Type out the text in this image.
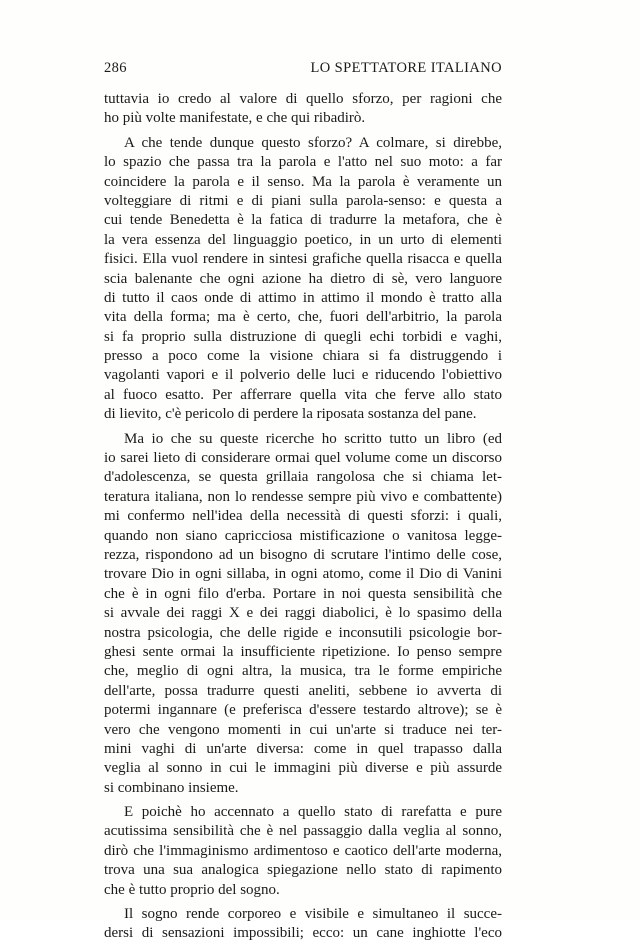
286	LO SPETTATORE ITALIANO
tuttavia io credo al valore di quello sforzo, per ragioni che
ho più volte manifestate, e che qui ribadirò.
A che tende dunque questo sforzo? A colmare, si direbbe,
lo spazio che passa tra la parola e l'atto nel suo moto: a far
coincidere la parola e il senso. Ma la parola è veramente un
volteggiare di ritmi e di piani sulla parola-senso: e questa a
cui tende Benedetta è la fatica di tradurre la metafora, che è
la vera essenza del linguaggio poetico, in un urto di elementi
fisici. Ella vuol rendere in sintesi grafiche quella risacca e quella
scia balenante che ogni azione ha dietro di sè, vero languore
di tutto il caos onde di attimo in attimo il mondo è tratto alla
vita della forma; ma è certo, che, fuori dell'arbitrio, la parola
si fa proprio sulla distruzione di quegli echi torbidi e vaghi,
presso a poco come la visione chiara si fa distruggendo i
vagolanti vapori e il polverio delle luci e riducendo l'obiettivo
al fuoco esatto. Per afferrare quella vita che ferve allo stato
di lievito, c'è pericolo di perdere la riposata sostanza del pane.
Ma io che su queste ricerche ho scritto tutto un libro (ed
io sarei lieto di considerare ormai quel volume come un discorso
d'adolescenza, se questa grillaia rangolosa che si chiama let-
teratura italiana, non lo rendesse sempre più vivo e combattente)
mi confermo nell'idea della necessità di questi sforzi: i quali,
quando non siano capricciosa mistificazione o vanitosa legge-
rezza, rispondono ad un bisogno di scrutare l'intimo delle cose,
trovare Dio in ogni sillaba, in ogni atomo, come il Dio di Vanini
che è in ogni filo d'erba. Portare in noi questa sensibilità che
si avvale dei raggi X e dei raggi diabolici, è lo spasimo della
nostra psicologia, che delle rigide e inconsutili psicologie bor-
ghesi sente ormai la insufficiente ripetizione. Io penso sempre
che, meglio di ogni altra, la musica, tra le forme empiriche
dell'arte, possa tradurre questi aneliti, sebbene io avverta di
potermi ingannare (e preferisca d'essere testardo altrove); se è
vero che vengono momenti in cui un'arte si traduce nei ter-
mini vaghi di un'arte diversa: come in quel trapasso dalla
veglia al sonno in cui le immagini più diverse e più assurde
si combinano insieme.
E poichè ho accennato a quello stato di rarefatta e pure
acutissima sensibilità che è nel passaggio dalla veglia al sonno,
dirò che l'immaginismo ardimentoso e caotico dell'arte moderna,
trova una sua analogica spiegazione nello stato di rapimento
che è tutto proprio del sogno.
Il sogno rende corporeo e visibile e simultaneo il succe-
dersi di sensazioni impossibili; ecco: un cane inghiotte l'eco
